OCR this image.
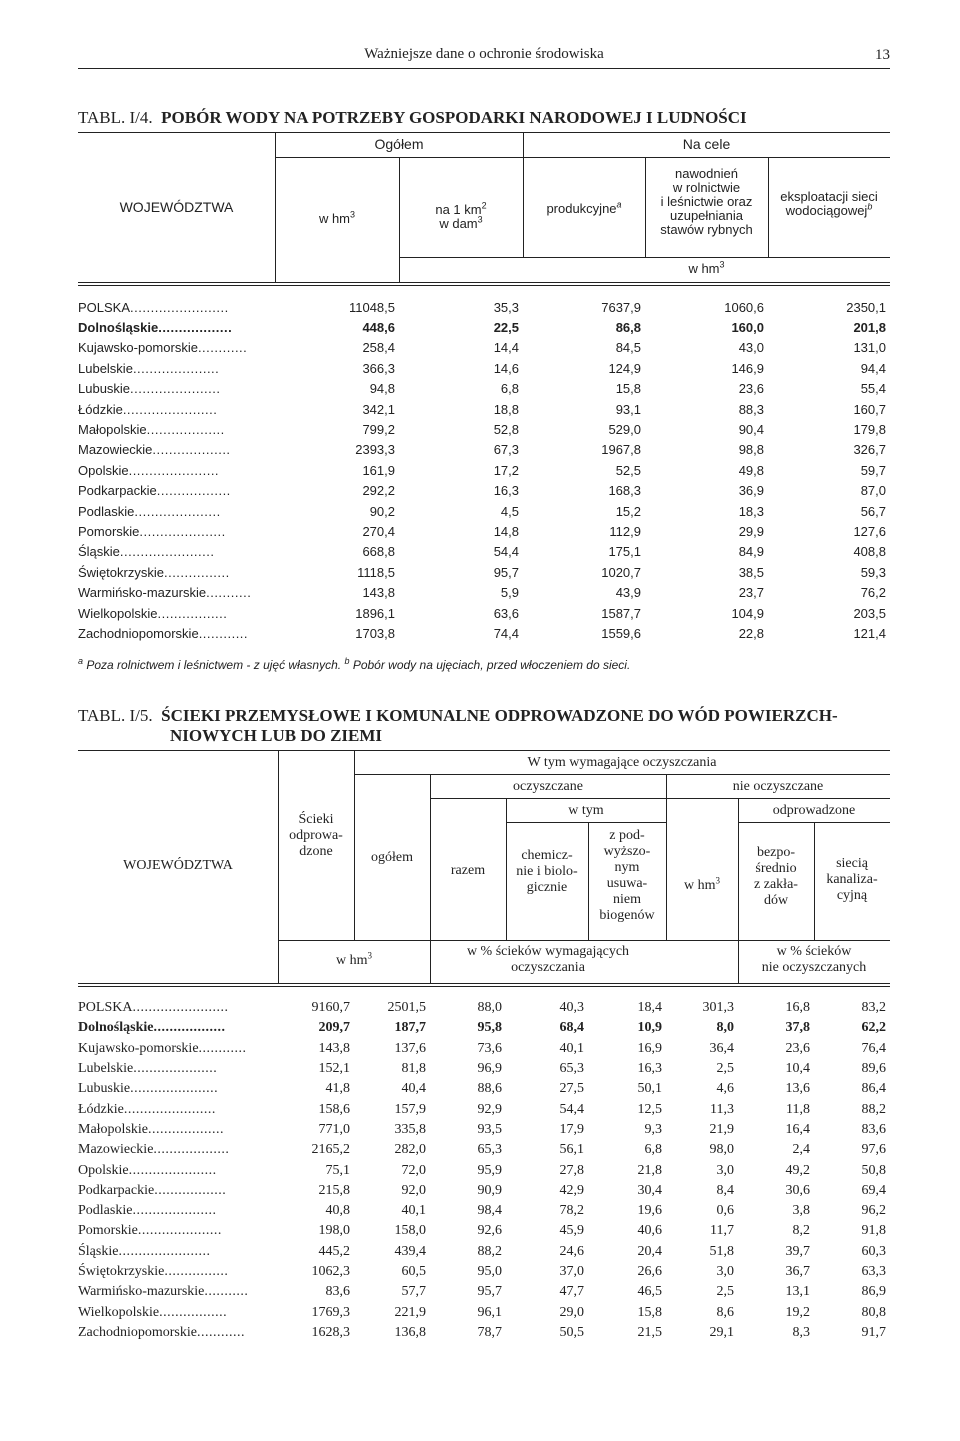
Ważniejsze dane o ochronie środowiska	13
TABL. I/4. POBÓR WODY NA POTRZEBY GOSPODARKI NARODOWEJ I LUDNOŚCI
WOJEWÓDZTWA
Ogółem	Na cele
w $hm^3$	na 1 $km^2$
w dam$^3$
produkcyjne$^a$
nawodnień
w rolnictwie
i leśnictwie oraz
uzupełniania
stawów rybnych
eksploatacji sieci
wodociągowej$^b$
w $hm^3$
POLSKA........................	11048,5	35,3	7637,9	1060,6	2350,1
Dolnośląskie..................	448,6	22,5	86,8	160,0	201,8
Kujawsko-pomorskie............	258,4	14,4	84,5	43,0	131,0
Lubelskie.....................	366,3	14,6	124,9	146,9	94,4
Lubuskie......................	94,8	6,8	15,8	23,6	55,4
Łódzkie.......................	342,1	18,8	93,1	88,3	160,7
Małopolskie...................	799,2	52,8	529,0	90,4	179,8
Mazowieckie...................	2393,3	67,3	1967,8	98,8	326,7
Opolskie......................	161,9	17,2	52,5	49,8	59,7
Podkarpackie..................	292,2	16,3	168,3	36,9	87,0
Podlaskie.....................	90,2	4,5	15,2	18,3	56,7
Pomorskie.....................	270,4	14,8	112,9	29,9	127,6
Śląskie.......................	668,8	54,4	175,1	84,9	408,8
Świętokrzyskie................	1118,5	95,7	1020,7	38,5	59,3
Warmińsko-mazurskie...........	143,8	5,9	43,9	23,7	76,2
Wielkopolskie.................	1896,1	63,6	1587,7	104,9	203,5
Zachodniopomorskie............	1703,8	74,4	1559,6	22,8	121,4
$^a$ Poza rolnictwem i leśnictwem - z ujęć własnych. $^b$ Pobór wody na ujęciach, przed włoczeniem do sieci.
TABL. I/5. ŚCIEKI PRZEMYSŁOWE I KOMUNALNE ODPROWADZONE DO WÓD POWIERZCH-
NIOWYCH LUB DO ZIEMI
WOJEWÓDZTWA
Ścieki
odprowa-
dzone
W tym wymagające oczyszczania
oczyszczane	nie oczyszczane
ogółem
razem
w tym
chemicz-
nie i biolo-
gicznie
z pod-
wyższo-
nym
usuwa-
niem
biogenów
w $hm^3$
odprowadzone
bezpo-
średnio
z zakła-
dów
siecią
kanaliza-
cyjną
w $hm^3$	w % ścieków wymagających
oczyszczania
w % ścieków
nie oczyszczanych
POLSKA........................	9160,7	2501,5	88,0	40,3	18,4	301,3	16,8	83,2
Dolnośląskie..................	209,7	187,7	95,8	68,4	10,9	8,0	37,8	62,2
Kujawsko-pomorskie............	143,8	137,6	73,6	40,1	16,9	36,4	23,6	76,4
Lubelskie.....................	152,1	81,8	96,9	65,3	16,3	2,5	10,4	89,6
Lubuskie......................	41,8	40,4	88,6	27,5	50,1	4,6	13,6	86,4
Łódzkie.......................	158,6	157,9	92,9	54,4	12,5	11,3	11,8	88,2
Małopolskie...................	771,0	335,8	93,5	17,9	9,3	21,9	16,4	83,6
Mazowieckie...................	2165,2	282,0	65,3	56,1	6,8	98,0	2,4	97,6
Opolskie......................	75,1	72,0	95,9	27,8	21,8	3,0	49,2	50,8
Podkarpackie..................	215,8	92,0	90,9	42,9	30,4	8,4	30,6	69,4
Podlaskie.....................	40,8	40,1	98,4	78,2	19,6	0,6	3,8	96,2
Pomorskie.....................	198,0	158,0	92,6	45,9	40,6	11,7	8,2	91,8
Śląskie.......................	445,2	439,4	88,2	24,6	20,4	51,8	39,7	60,3
Świętokrzyskie................	1062,3	60,5	95,0	37,0	26,6	3,0	36,7	63,3
Warmińsko-mazurskie...........	83,6	57,7	95,7	47,7	46,5	2,5	13,1	86,9
Wielkopolskie.................	1769,3	221,9	96,1	29,0	15,8	8,6	19,2	80,8
Zachodniopomorskie............	1628,3	136,8	78,7	50,5	21,5	29,1	8,3	91,7
